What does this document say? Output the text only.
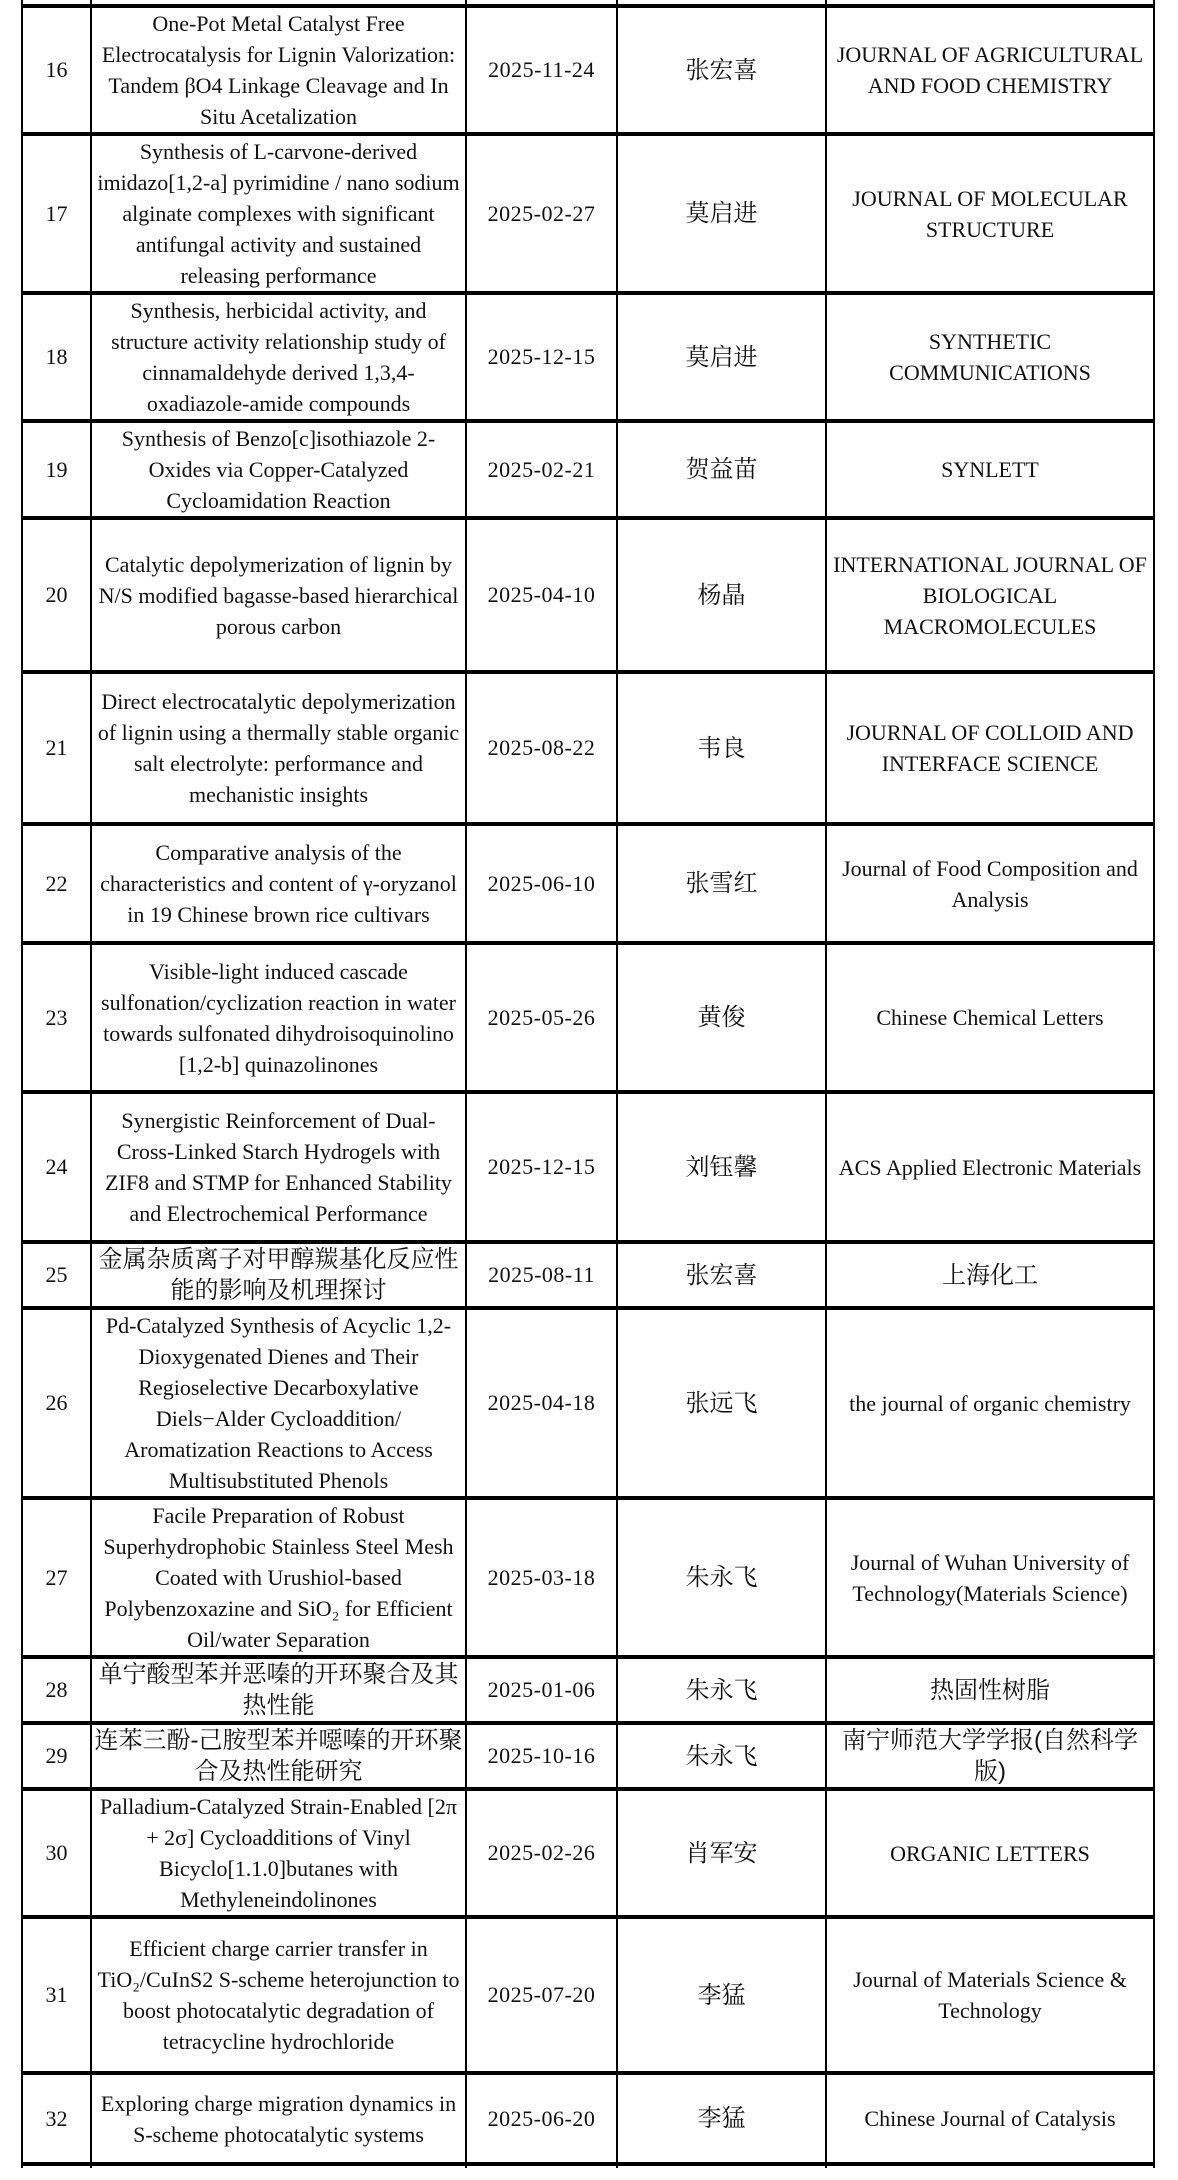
16	One-Pot Metal Catalyst Free Electrocatalysis for Lignin Valorization: Tandem βO4 Linkage Cleavage and In Situ Acetalization	2025-11-24	张宏喜	JOURNAL OF AGRICULTURAL AND FOOD CHEMISTRY
17	Synthesis of L-carvone-derived imidazo[1,2-a] pyrimidine / nano sodium alginate complexes with significant antifungal activity and sustained releasing performance	2025-02-27	莫启进	JOURNAL OF MOLECULAR STRUCTURE
18	Synthesis, herbicidal activity, and structure activity relationship study of cinnamaldehyde derived 1,3,4-oxadiazole-amide compounds	2025-12-15	莫启进	SYNTHETIC COMMUNICATIONS
19	Synthesis of Benzo[c]isothiazole 2-Oxides via Copper-Catalyzed Cycloamidation Reaction	2025-02-21	贺益苗	SYNLETT
20	Catalytic depolymerization of lignin by N/S modified bagasse-based hierarchical porous carbon	2025-04-10	杨晶	INTERNATIONAL JOURNAL OF BIOLOGICAL MACROMOLECULES
21	Direct electrocatalytic depolymerization of lignin using a thermally stable organic salt electrolyte: performance and mechanistic insights	2025-08-22	韦良	JOURNAL OF COLLOID AND INTERFACE SCIENCE
22	Comparative analysis of the characteristics and content of γ-oryzanol in 19 Chinese brown rice cultivars	2025-06-10	张雪红	Journal of Food Composition and Analysis
23	Visible-light induced cascade sulfonation/cyclization reaction in water towards sulfonated dihydroisoquinolino [1,2-b] quinazolinones	2025-05-26	黄俊	Chinese Chemical Letters
24	Synergistic Reinforcement of Dual-Cross-Linked Starch Hydrogels with ZIF8 and STMP for Enhanced Stability and Electrochemical Performance	2025-12-15	刘钰馨	ACS Applied Electronic Materials
25	金属杂质离子对甲醇羰基化反应性能的影响及机理探讨	2025-08-11	张宏喜	上海化工
26	Pd-Catalyzed Synthesis of Acyclic 1,2-Dioxygenated Dienes and Their Regioselective Decarboxylative Diels−Alder Cycloaddition/ Aromatization Reactions to Access Multisubstituted Phenols	2025-04-18	张远飞	the journal of organic chemistry
27	Facile Preparation of Robust Superhydrophobic Stainless Steel Mesh Coated with Urushiol-based Polybenzoxazine and SiO₂ for Efficient Oil/water Separation	2025-03-18	朱永飞	Journal of Wuhan University of Technology(Materials Science)
28	单宁酸型苯并恶嗪的开环聚合及其热性能	2025-01-06	朱永飞	热固性树脂
29	连苯三酚-己胺型苯并噁嗪的开环聚合及热性能研究	2025-10-16	朱永飞	南宁师范大学学报(自然科学版)
30	Palladium-Catalyzed Strain-Enabled [2π + 2σ] Cycloadditions of Vinyl Bicyclo[1.1.0]butanes with Methyleneindolinones	2025-02-26	肖军安	ORGANIC LETTERS
31	Efficient charge carrier transfer in TiO₂/CuInS2 S-scheme heterojunction to boost photocatalytic degradation of tetracycline hydrochloride	2025-07-20	李猛	Journal of Materials Science & Technology
32	Exploring charge migration dynamics in S-scheme photocatalytic systems	2025-06-20	李猛	Chinese Journal of Catalysis
